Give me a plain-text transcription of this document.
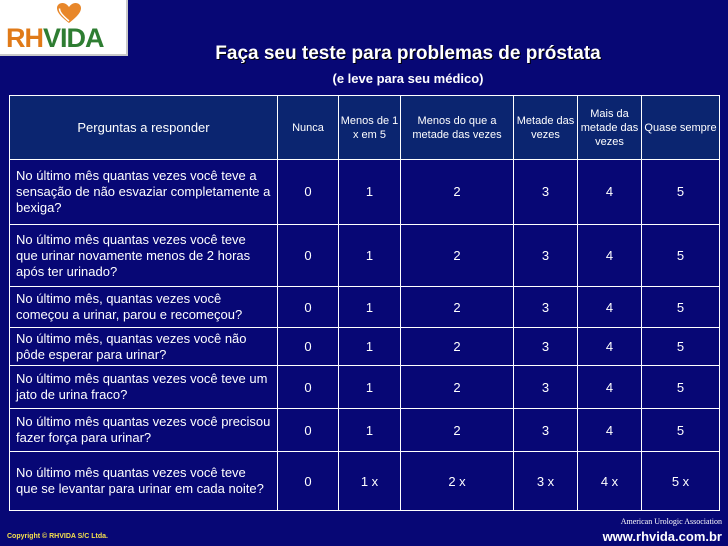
RHVIDA
Faça seu teste para problemas de próstata
(e leve para seu médico)
Perguntas a responder	Nunca	Menos de 1 x em 5	Menos do que a metade das vezes	Metade das vezes	Mais da metade das vezes	Quase sempre
No último mês quantas vezes você teve a sensação de não esvaziar completamente a bexiga?	0	1	2	3	4	5
No último mês quantas vezes você teve que urinar novamente menos de 2 horas após ter urinado?	0	1	2	3	4	5
No último mês, quantas vezes você começou a urinar, parou e recomeçou?	0	1	2	3	4	5
No último mês, quantas vezes você não pôde esperar para urinar?	0	1	2	3	4	5
No último mês quantas vezes você teve um jato de urina fraco?	0	1	2	3	4	5
No último mês quantas vezes você precisou fazer força para urinar?	0	1	2	3	4	5
No último mês quantas vezes você teve que se levantar para urinar em cada noite?	0	1 x	2 x	3 x	4 x	5 x
American Urologic Association
Copyright © RHVIDA S/C Ltda.	www.rhvida.com.br
